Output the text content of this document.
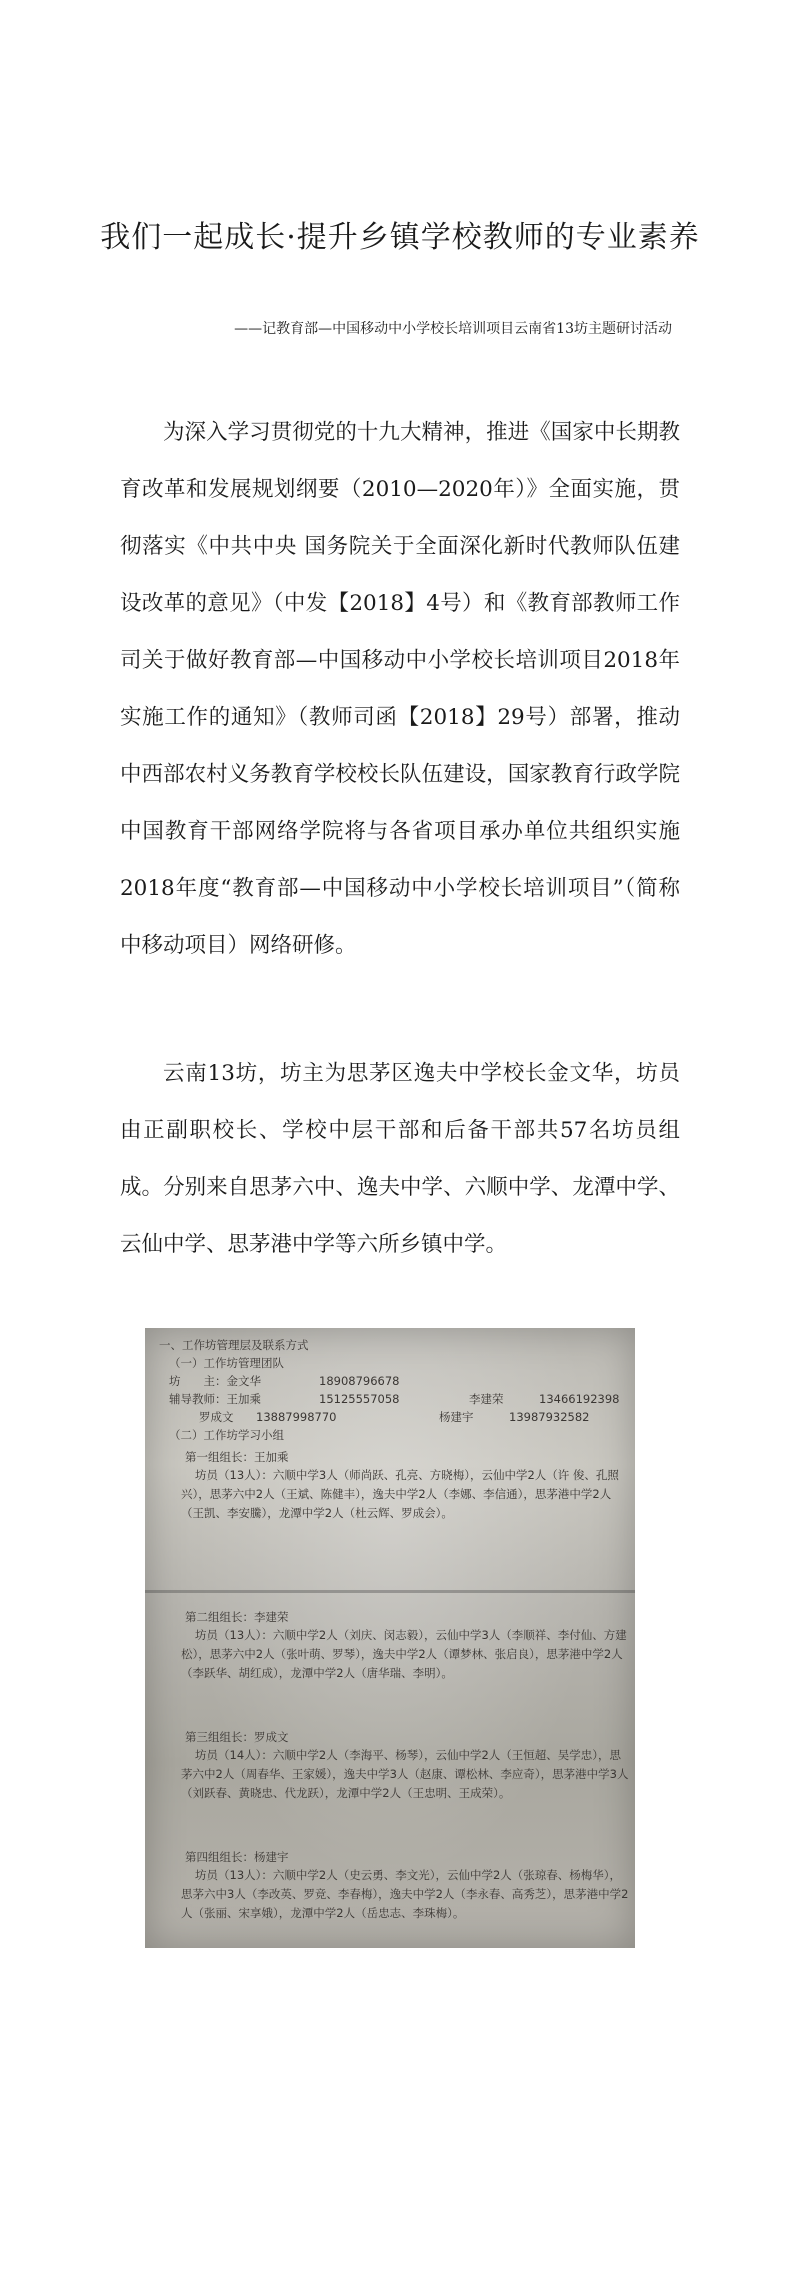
我们一起成长·提升乡镇学校教师的专业素养
——记教育部—中国移动中小学校长培训项目云南省13坊主题研讨活动

为深入学习贯彻党的十九大精神，推进《国家中长期教育改革和发展规划纲要（2010—2020年）》全面实施，贯彻落实《中共中央 国务院关于全面深化新时代教师队伍建设改革的意见》（中发【2018】4号）和《教育部教师工作司关于做好教育部—中国移动中小学校长培训项目2018年实施工作的通知》（教师司函【2018】29号）部署，推动中西部农村义务教育学校校长队伍建设，国家教育行政学院中国教育干部网络学院将与各省项目承办单位共组织实施2018年度“教育部—中国移动中小学校长培训项目”（简称中移动项目）网络研修。

云南13坊，坊主为思茅区逸夫中学校长金文华，坊员由正副职校长、学校中层干部和后备干部共57名坊员组成。分别来自思茅六中、逸夫中学、六顺中学、龙潭中学、云仙中学、思茅港中学等六所乡镇中学。

一、工作坊管理层及联系方式
（一）工作坊管理团队
坊　　主：金文华	18908796678
辅导教师：王加乘	15125557058	李建荣	13466192398
罗成文	13887998770	杨建宇	13987932582
（二）工作坊学习小组
第一组组长：王加乘
坊员（13人）：六顺中学3人（师尚跃、孔亮、方晓梅），云仙中学2人（许 俊、孔照兴），思茅六中2人（王斌、陈健丰），逸夫中学2人（李娜、李信通），思茅港中学2人（王凯、李安騰），龙潭中学2人（杜云辉、罗成会）。
第二组组长：李建荣
坊员（13人）：六顺中学2人（刘庆、闵志毅），云仙中学3人（李顺祥、李付仙、方建松），思茅六中2人（张叶萌、罗琴），逸夫中学2人（谭梦林、张启良），思茅港中学2人（李跃华、胡红成），龙潭中学2人（唐华瑞、李明）。
第三组组长：罗成文
坊员（14人）：六顺中学2人（李海平、杨琴），云仙中学2人（王恒超、吴学忠），思茅六中2人（周春华、王家媛），逸夫中学3人（赵康、谭松林、李应奇），思茅港中学3人（刘跃春、黄晓忠、代龙跃），龙潭中学2人（王忠明、王成荣）。
第四组组长：杨建宇
坊员（13人）：六顺中学2人（史云勇、李文光），云仙中学2人（张琼春、杨梅华），思茅六中3人（李改英、罗竞、李春梅），逸夫中学2人（李永春、高秀芝），思茅港中学2人（张丽、宋享娥），龙潭中学2人（岳忠志、李珠梅）。
